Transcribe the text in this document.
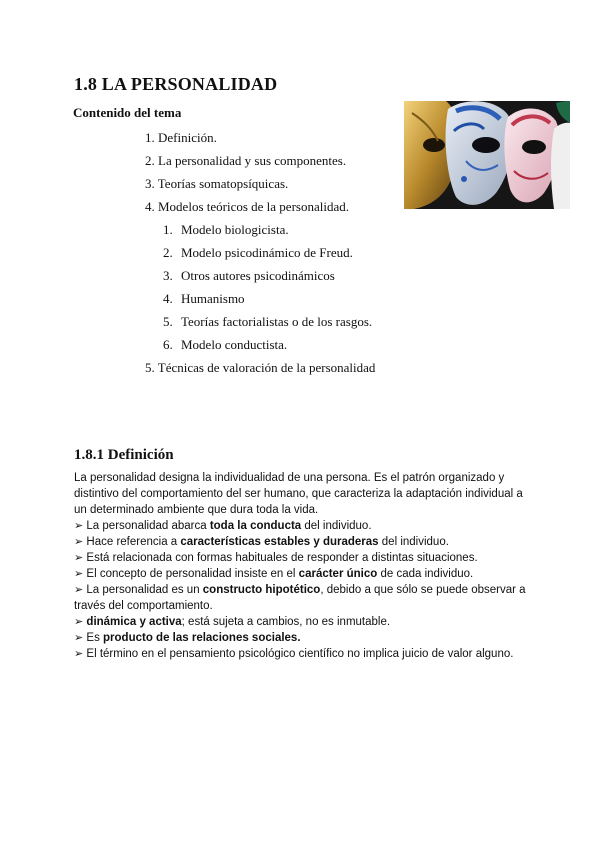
1.8 LA PERSONALIDAD

Contenido del tema

1. Definición.
2. La personalidad y sus componentes.
3. Teorías somatopsíquicas.
4. Modelos teóricos de la personalidad.
1. Modelo biologicista.
2. Modelo psicodinámico de Freud.
3. Otros autores psicodinámicos
4. Humanismo
5. Teorías factorialistas o de los rasgos.
6. Modelo conductista.
5. Técnicas de valoración de la personalidad
1.8.1 Definición

La personalidad designa la individualidad de una persona. Es el patrón organizado y distintivo del comportamiento del ser humano, que caracteriza la adaptación individual a un determinado ambiente que dura toda la vida.

➢ La personalidad abarca toda la conducta del individuo.

➢ Hace referencia a características estables y duraderas del individuo.

➢ Está relacionada con formas habituales de responder a distintas situaciones.

➢ El concepto de personalidad insiste en el carácter único de cada individuo.

➢ La personalidad es un constructo hipotético, debido a que sólo se puede observar a través del comportamiento.

➢ dinámica y activa; está sujeta a cambios, no es inmutable.

➢ Es producto de las relaciones sociales.

➢ El término en el pensamiento psicológico científico no implica juicio de valor alguno.
